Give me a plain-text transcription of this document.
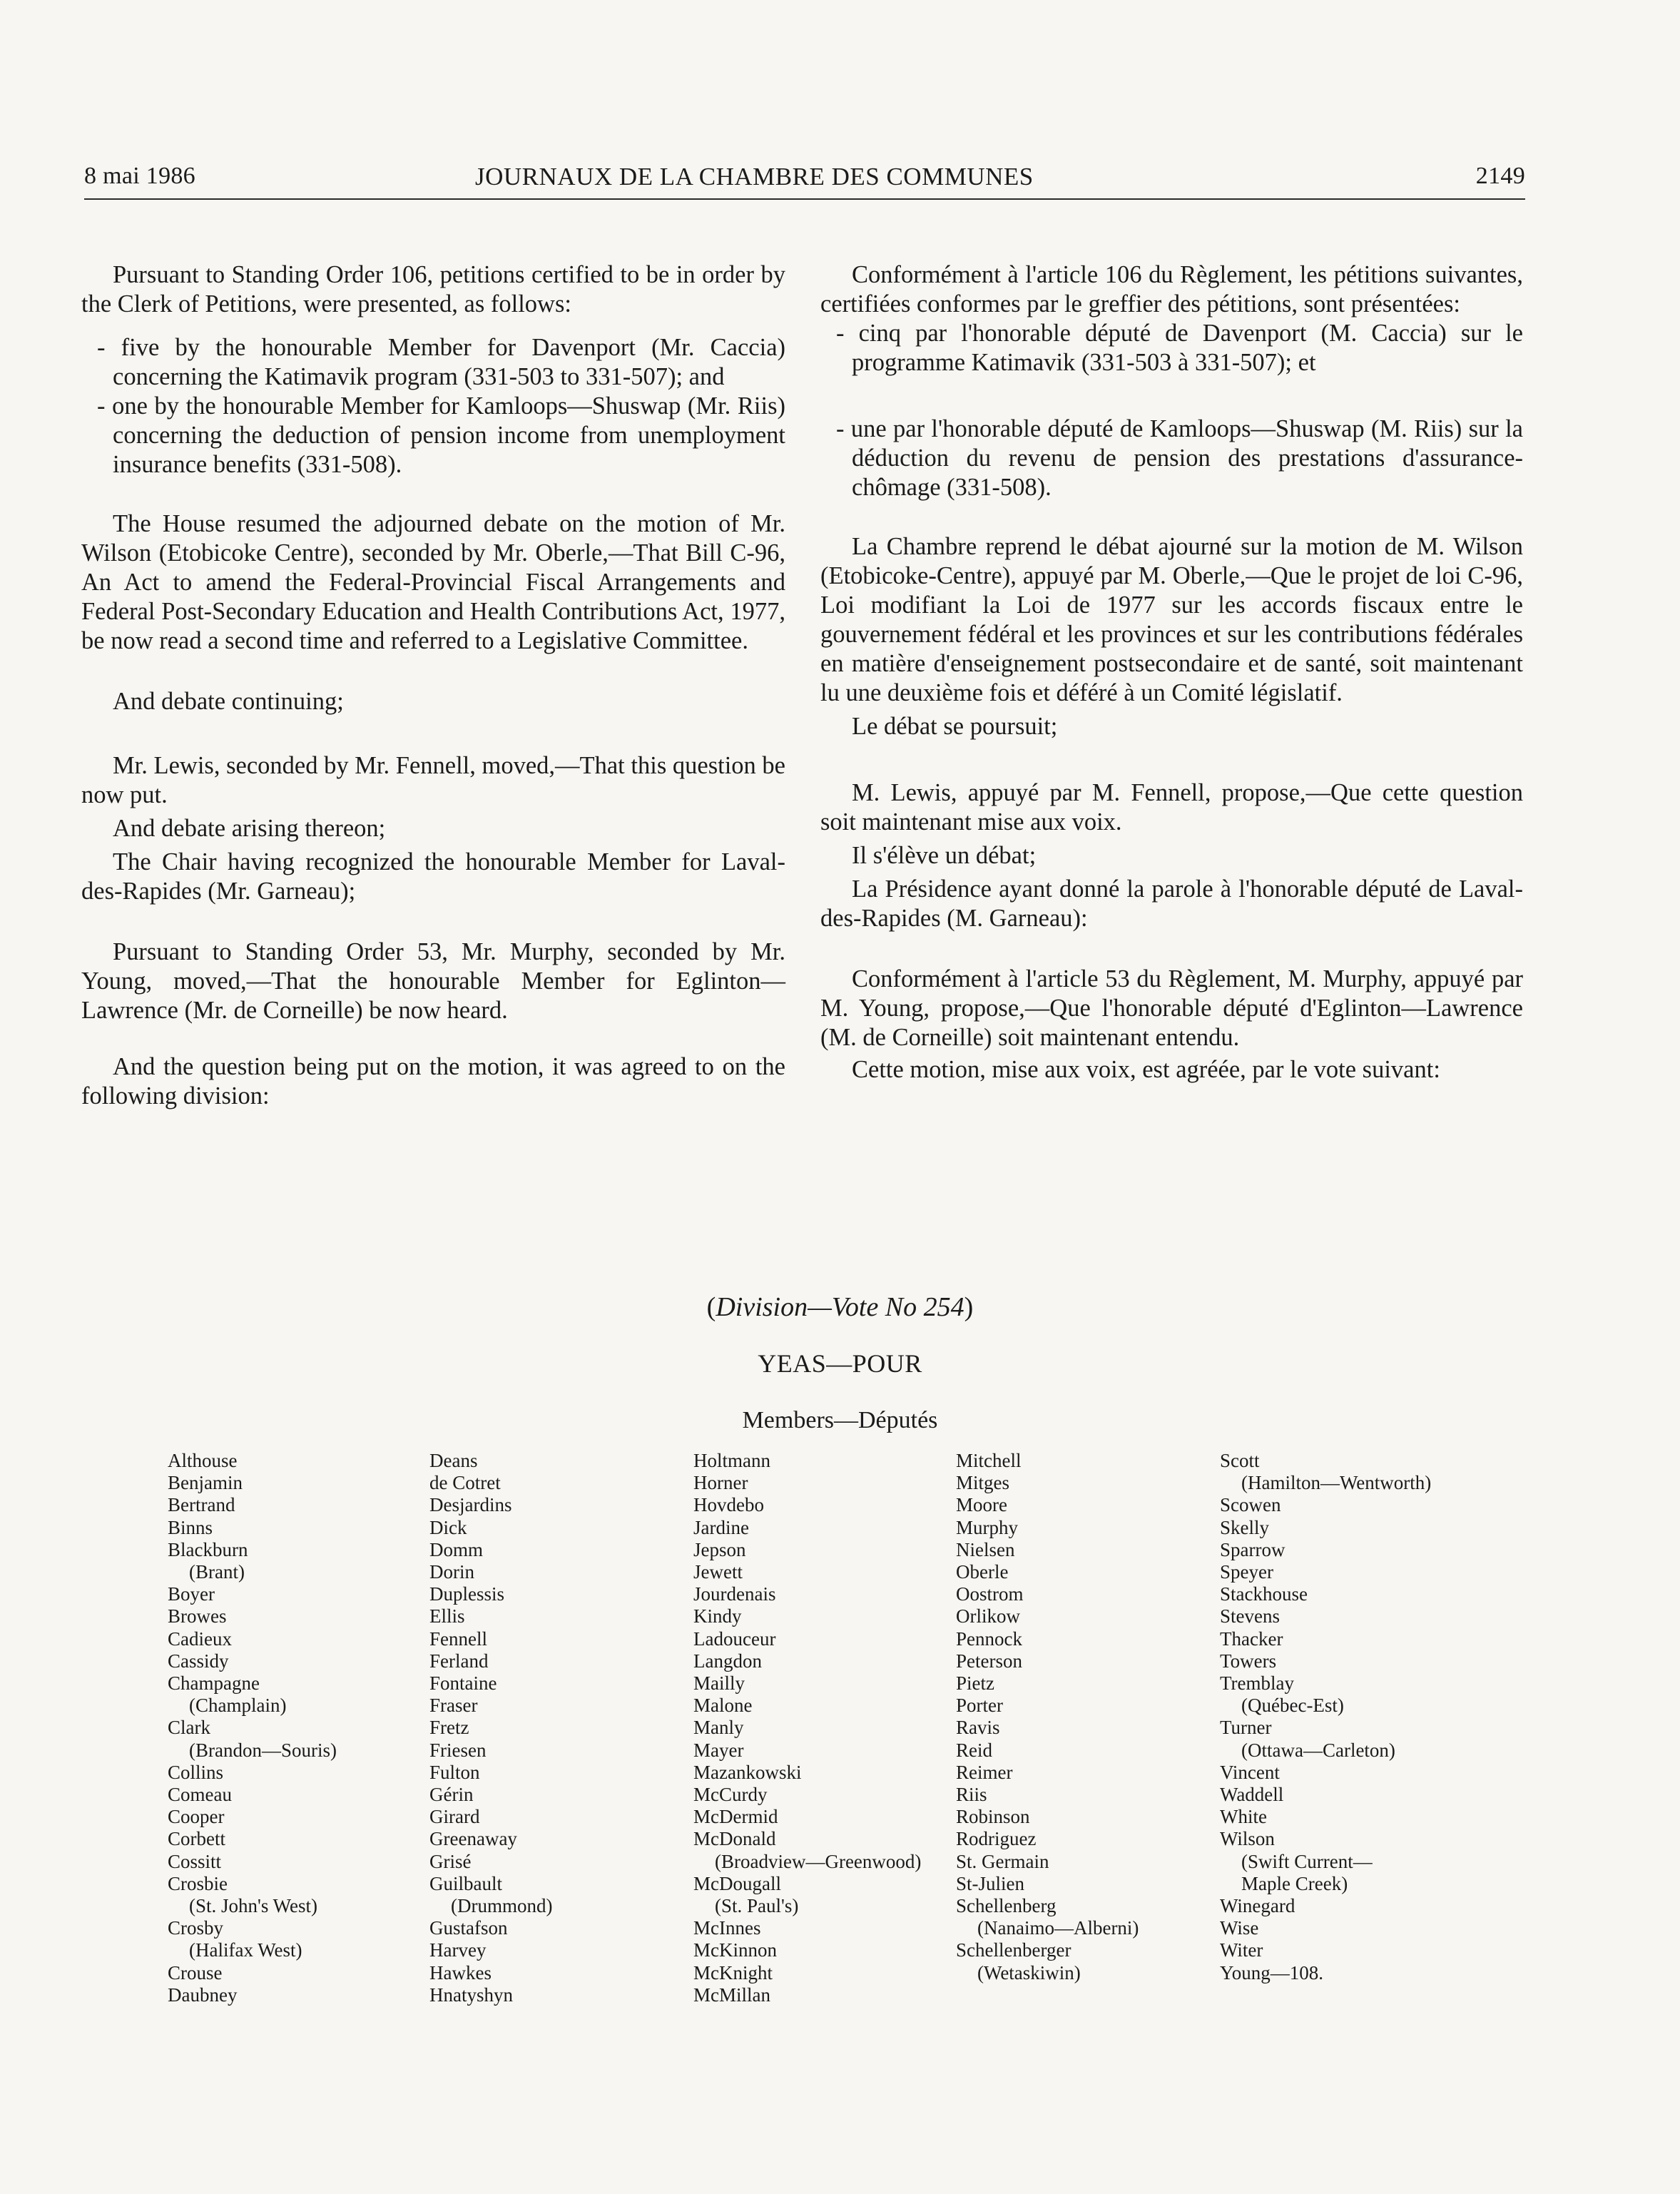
8 mai 1986	JOURNAUX DE LA CHAMBRE DES COMMUNES	2149

Pursuant to Standing Order 106, petitions certified to be in order by the Clerk of Petitions, were presented, as follows:

- five by the honourable Member for Davenport (Mr. Caccia) concerning the Katimavik program (331-503 to 331-507); and

- one by the honourable Member for Kamloops—Shuswap (Mr. Riis) concerning the deduction of pension income from unemployment insurance benefits (331-508).

The House resumed the adjourned debate on the motion of Mr. Wilson (Etobicoke Centre), seconded by Mr. Oberle,—That Bill C-96, An Act to amend the Federal-Provincial Fiscal Arrangements and Federal Post-Secondary Education and Health Contributions Act, 1977, be now read a second time and referred to a Legislative Committee.

And debate continuing;

Mr. Lewis, seconded by Mr. Fennell, moved,—That this question be now put.

And debate arising thereon;

The Chair having recognized the honourable Member for Laval-des-Rapides (Mr. Garneau);

Pursuant to Standing Order 53, Mr. Murphy, seconded by Mr. Young, moved,—That the honourable Member for Eglinton—Lawrence (Mr. de Corneille) be now heard.

And the question being put on the motion, it was agreed to on the following division:

Conformément à l'article 106 du Règlement, les pétitions suivantes, certifiées conformes par le greffier des pétitions, sont présentées:

- cinq par l'honorable député de Davenport (M. Caccia) sur le programme Katimavik (331-503 à 331-507); et

- une par l'honorable député de Kamloops—Shuswap (M. Riis) sur la déduction du revenu de pension des prestations d'assurance-chômage (331-508).

La Chambre reprend le débat ajourné sur la motion de M. Wilson (Etobicoke-Centre), appuyé par M. Oberle,—Que le projet de loi C-96, Loi modifiant la Loi de 1977 sur les accords fiscaux entre le gouvernement fédéral et les provinces et sur les contributions fédérales en matière d'enseignement postsecondaire et de santé, soit maintenant lu une deuxième fois et déféré à un Comité législatif.

Le débat se poursuit;

M. Lewis, appuyé par M. Fennell, propose,—Que cette question soit maintenant mise aux voix.

Il s'élève un débat;

La Présidence ayant donné la parole à l'honorable député de Laval-des-Rapides (M. Garneau):

Conformément à l'article 53 du Règlement, M. Murphy, appuyé par M. Young, propose,—Que l'honorable député d'Eglinton—Lawrence (M. de Corneille) soit maintenant entendu.

Cette motion, mise aux voix, est agréée, par le vote suivant:

(Division—Vote No 254)
YEAS—POUR
Members—Députés
Althouse
Benjamin
Bertrand
Binns
Blackburn
(Brant)
Boyer
Browes
Cadieux
Cassidy
Champagne
(Champlain)
Clark
(Brandon—Souris)
Collins
Comeau
Cooper
Corbett
Cossitt
Crosbie
(St. John's West)
Crosby
(Halifax West)
Crouse
Daubney
Deans
de Cotret
Desjardins
Dick
Domm
Dorin
Duplessis
Ellis
Fennell
Ferland
Fontaine
Fraser
Fretz
Friesen
Fulton
Gérin
Girard
Greenaway
Grisé
Guilbault
(Drummond)
Gustafson
Harvey
Hawkes
Hnatyshyn
Holtmann
Horner
Hovdebo
Jardine
Jepson
Jewett
Jourdenais
Kindy
Ladouceur
Langdon
Mailly
Malone
Manly
Mayer
Mazankowski
McCurdy
McDermid
McDonald
(Broadview—Greenwood)
McDougall
(St. Paul's)
McInnes
McKinnon
McKnight
McMillan
Mitchell
Mitges
Moore
Murphy
Nielsen
Oberle
Oostrom
Orlikow
Pennock
Peterson
Pietz
Porter
Ravis
Reid
Reimer
Riis
Robinson
Rodriguez
St. Germain
St-Julien
Schellenberg
(Nanaimo—Alberni)
Schellenberger
(Wetaskiwin)
Scott
(Hamilton—Wentworth)
Scowen
Skelly
Sparrow
Speyer
Stackhouse
Stevens
Thacker
Towers
Tremblay
(Québec-Est)
Turner
(Ottawa—Carleton)
Vincent
Waddell
White
Wilson
(Swift Current—
Maple Creek)
Winegard
Wise
Witer
Young—108.
